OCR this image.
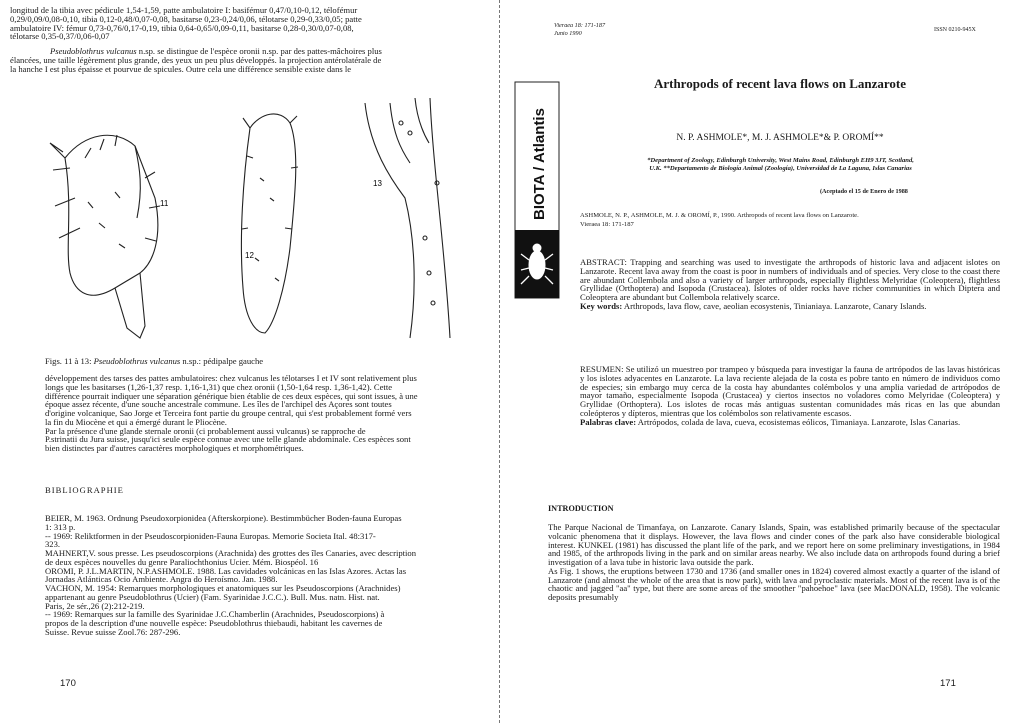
longitud de la tibia avec pédicule 1,54-1,59, patte ambulatoire I: basifémur 0,47/0,10-0,12, télofémur
0,29/0,09/0,08-0,10, tibia 0,12-0,48/0,07-0,08, basitarse 0,23-0,24/0,06, télotarse 0,29-0,33/0,05; patte
ambulatoire IV: fémur 0,73-0,76/0,17-0,19, tibia 0,64-0,65/0,09-0,11, basitarse 0,28-0,30/0,07-0,08,
télotarse 0,35-0,37/0,06-0,07
Pseudoblothrus vulcanus n.sp. se distingue de l'espèce oronii n.sp. par des pattes-mâchoires plus
élancées, une taille légèrement plus grande, des yeux un peu plus développés. la projection antérolatérale de
la hanche I est plus épaisse et pourvue de spicules. Outre cela une différence sensible existe dans le
11
12
13
Figs. 11 à 13: Pseudoblothrus vulcanus n.sp.: pédipalpe gauche
développement des tarses des pattes ambulatoires: chez vulcanus les télotarses I et IV sont relativement plus
longs que les basitarses (1,26-1,37 resp. 1,16-1,31) que chez oronii (1,50-1,64 resp. 1,36-1,42). Cette
différence pourrait indiquer une séparation générique bien établie de ces deux espèces, qui sont issues, à une
époque assez récente, d'une souche ancestrale commune. Les îles de l'archipel des Açores sont toutes
d'origine volcanique, Sao Jorge et Terceira font partie du groupe central, qui s'est probablement formé vers
la fin du Miocène et qui a émergé durant le Pliocène.
Par la présence d'une glande sternale oronii (ci probablement aussi vulcanus) se rapproche de
P.strinatii du Jura suisse, jusqu'ici seule espèce connue avec une telle glande abdominale. Ces espèces sont
bien distinctes par d'autres caractères morphologiques et morphométriques.
BIBLIOGRAPHIE
BEIER, M. 1963. Ordnung Pseudoxorpionidea (Afterskorpione). Bestimmbücher Boden-fauna Europas
1: 313 p.
-- 1969: Reliktformen in der Pseudoscorpioniden-Fauna Europas. Memorie Societa Ital. 48:317-
323.
MAHNERT,V. sous presse. Les pseudoscorpions (Arachnida) des grottes des îles Canaries, avec description
de deux espèces nouvelles du genre Paraliochthonius Ucier. Mém. Biospéol. 16
OROMI, P. J.L.MARTIN, N.P.ASHMOLE. 1988. Las cavidades volcánicas en las Islas Azores. Actas las
Jornadas Atlánticas Ocio Ambiente. Angra do Heroísmo. Jan. 1988.
VACHON, M. 1954: Remarques morphologiques et anatomiques sur les Pseudoscorpions (Arachnides)
appartenant au genre Pseudoblothrus (Ucier) (Fam. Syarinidae J.C.C.). Bull. Mus. natn. Hist. nat.
Paris, 2e sér.,26 (2):212-219.
-- 1969: Remarques sur la famille des Syarinidae J.C.Chamberlin (Arachnides, Pseudoscorpions) à
propos de la description d'une nouvelle espèce: Pseudoblothrus thiebaudi, habitant les cavernes de
Suisse. Revue suisse Zool.76: 287-296.
170
Vieraea 18: 171-187
Junio 1990	ISSN 0210-945X
BIOTA / Atlantis
Arthropods of recent lava flows on Lanzarote
N. P. ASHMOLE*, M. J. ASHMOLE*& P. OROMÍ**
*Department of Zoology, Edinburgh University, West Mains Road, Edinburgh EH9 3JT, Scotland,
U.K. **Departamento de Biología Animal (Zoología), Universidad de La Laguna, Islas Canarias
(Aceptado el 15 de Enero de 1988
ASHMOLE, N. P., ASHMOLE, M. J. & OROMÍ, P., 1990. Arthropods of recent lava flows on Lanzarote.
Vieraea 18: 171-187
ABSTRACT: Trapping and searching was used to investigate the arthropods of historic lava and adjacent islotes on Lanzarote. Recent lava away from the coast is poor in numbers of individuals and of species. Very close to the coast there are abundant Collembola and also a variety of larger arthropods, especially flightless Melyridae (Coleoptera), flightless Gryllidae (Orthoptera) and Isopoda (Crustacea). Islotes of older rocks have richer communities in which Diptera and Coleoptera are abundant but Collembola relatively scarce.
Key words: Arthropods, lava flow, cave, aeolian ecosystenis, Tinianiaya. Lanzarote, Canary Islands.
RESUMEN: Se utilizó un muestreo por trampeo y búsqueda para investigar la fauna de artrópodos de las lavas históricas y los islotes adyacentes en Lanzarote. La lava reciente alejada de la costa es pobre tanto en número de individuos como de especies; sin embargo muy cerca de la costa hay abundantes colémbolos y una amplia variedad de artrópodos de mayor tamaño, especialmente Isopoda (Crustacea) y ciertos insectos no voladores como Melyridae (Coleoptera) y Gryllidae (Orthoptera). Los islotes de rocas más antiguas sustentan comunidades más ricas en las que abundan coleópteros y dípteros, mientras que los colémbolos son relativamente escasos.
Palabras clave: Artrópodos, colada de lava, cueva, ecosistemas eólicos, Timaniaya. Lanzarote, Islas Canarias.
INTRODUCTION
The Parque Nacional de Timanfaya, on Lanzarote. Canary Islands, Spain, was established primarily because of the spectacular volcanic phenomena that it displays. However, the lava flows and cinder cones of the park also have considerable biological interest. KUNKEL (1981) has discussed the plant life of the park, and we report here on some preliminary investigations, in 1984 and 1985, of the arthropods living in the park and on similar areas nearby. We also include data on arthropods found during a brief investigation of a lava tube in historic lava outside the park.
As Fig. 1 shows, the eruptions between 1730 and 1736 (and smaller ones in 1824) covered almost exactly a quarter of the island of Lanzarote (and almost the whole of the area that is now park), with lava and pyroclastic materials. Most of the recent lava is of the chaotic and jagged "aa" type, but there are some areas of the smoother "pahoehoe" lava (see MacDONALD, 1958). The volcanic deposits presumably
171
